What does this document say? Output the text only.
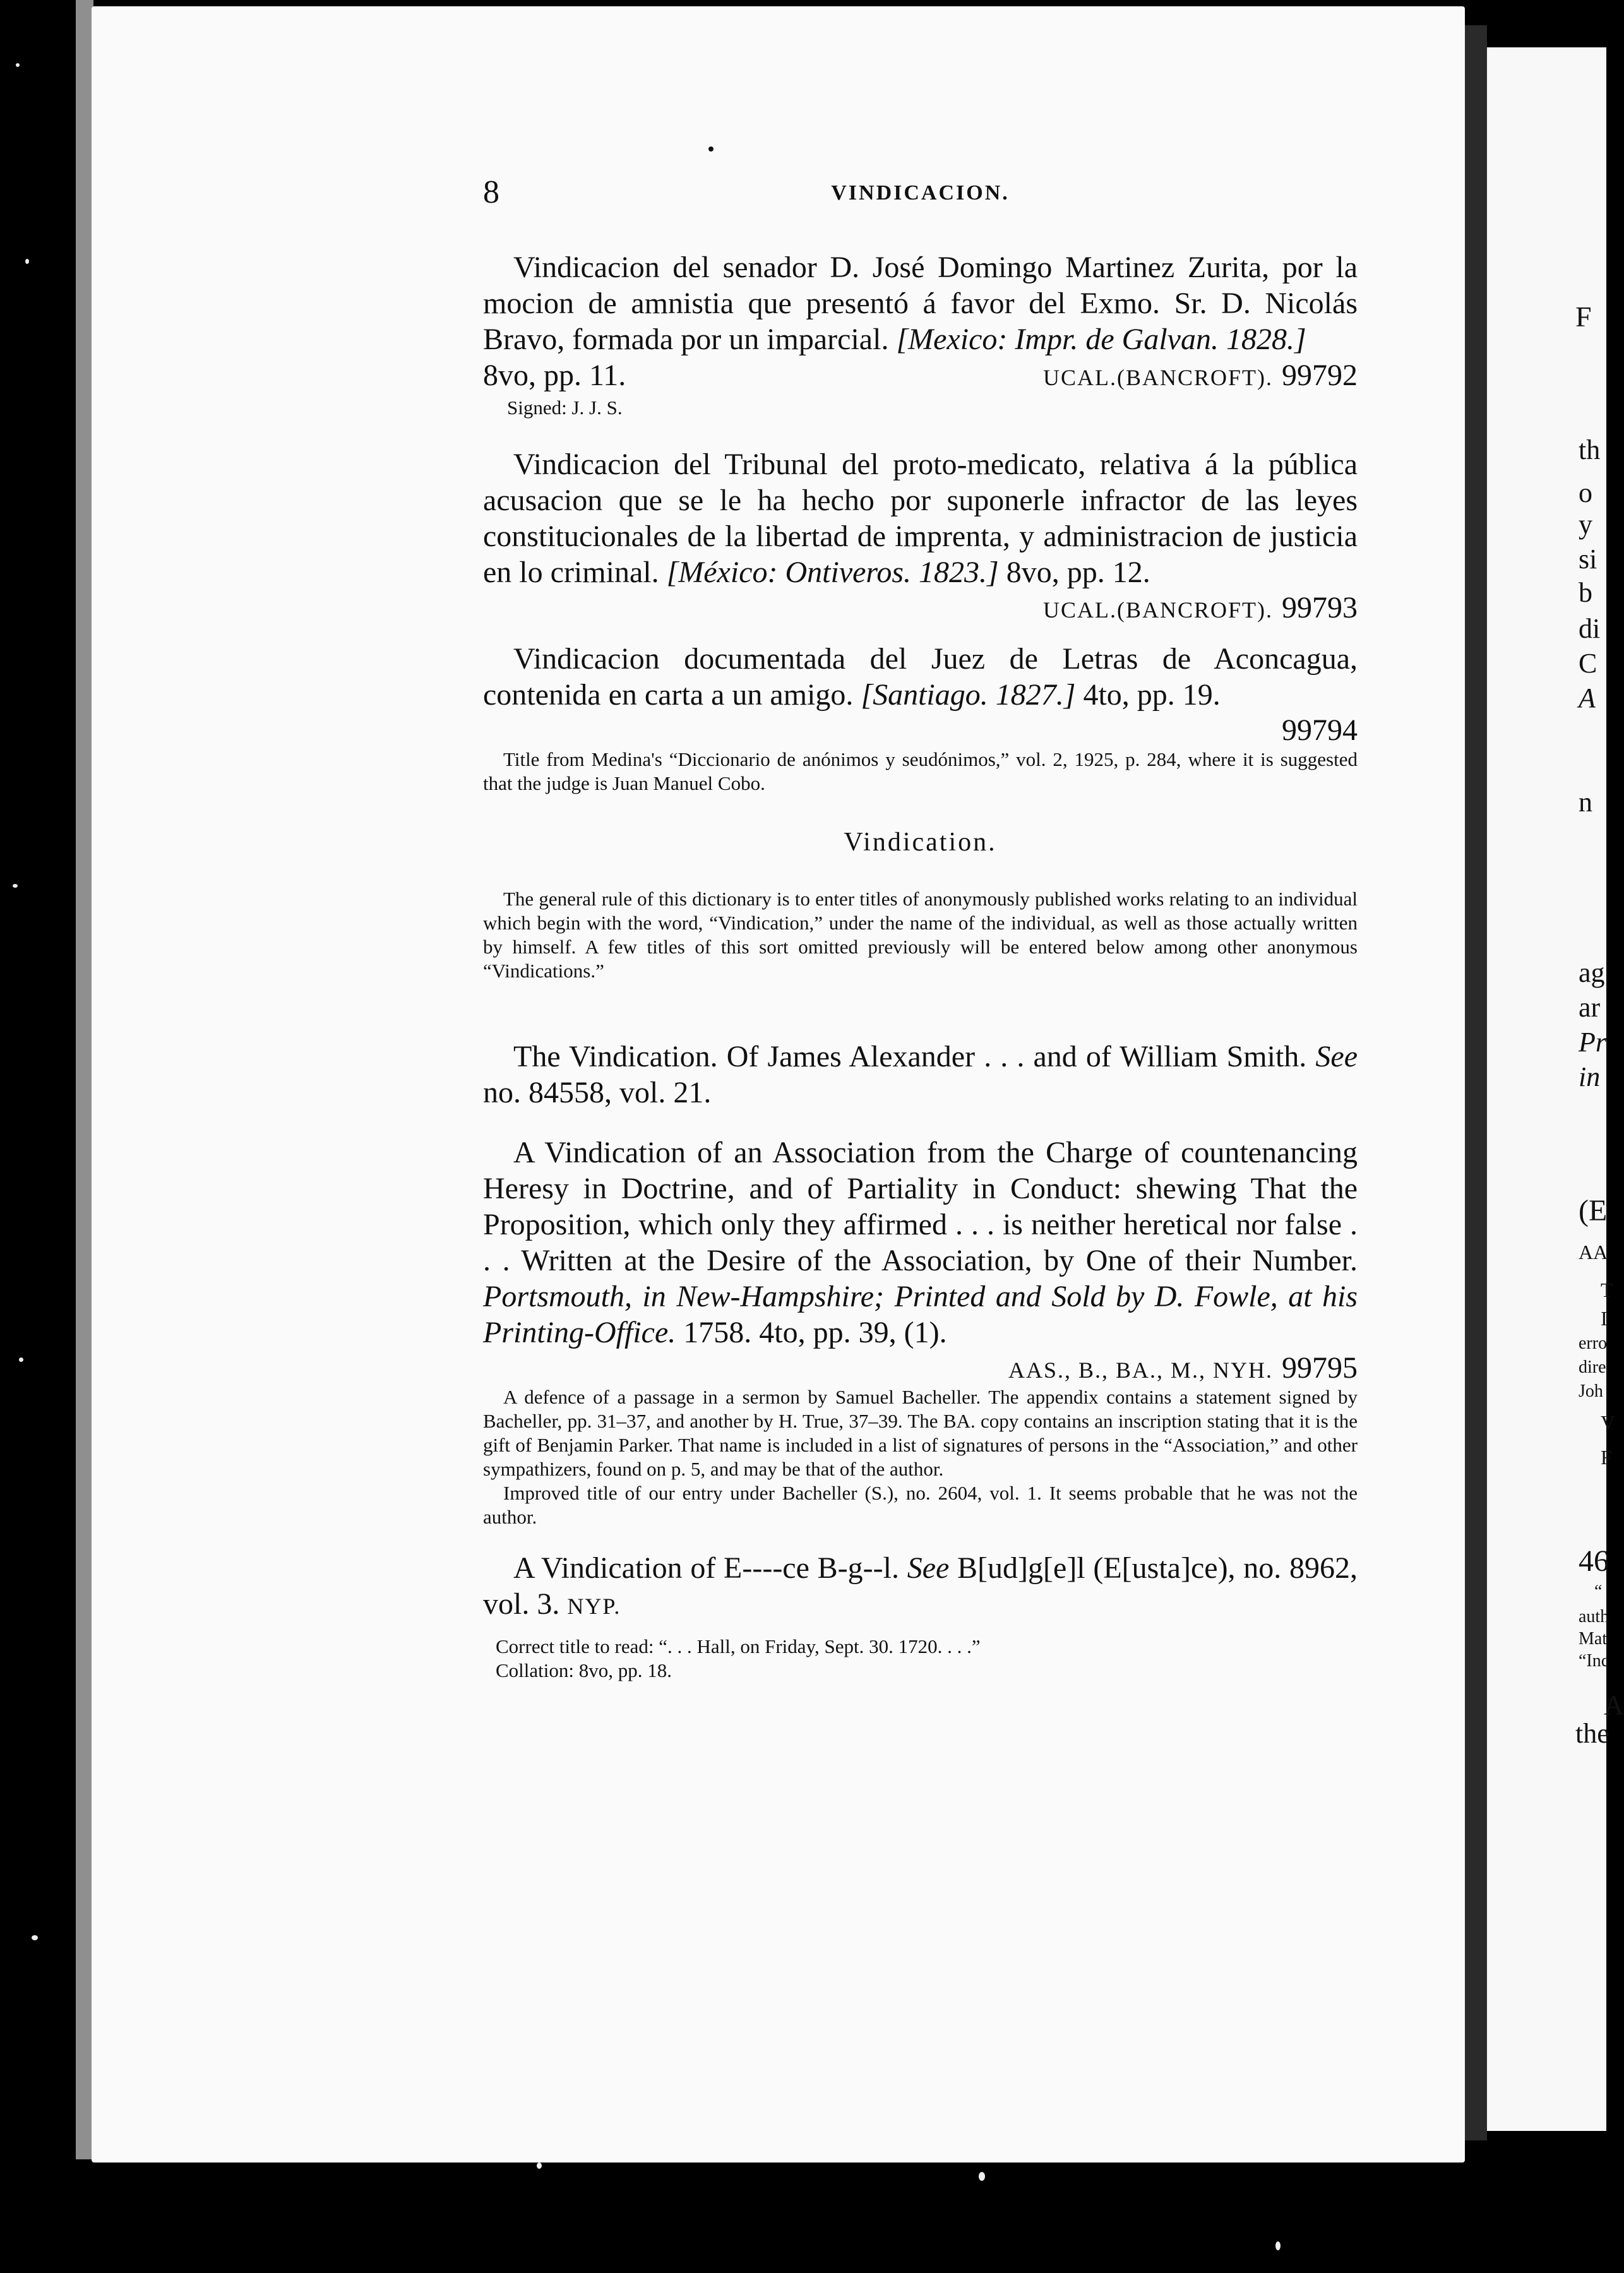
8	VINDICACION.
Vindicacion del senador D. José Domingo Martinez Zurita, por la mocion de amnistia que presentó á favor del Exmo. Sr. D. Nicolás Bravo, formada por un imparcial. [Mexico: Impr. de Galvan. 1828.]
8vo, pp. 11.	UCAL.(BANCROFT). 99792
Signed: J. J. S.
Vindicacion del Tribunal del proto-medicato, relativa á la pública acusacion que se le ha hecho por suponerle infractor de las leyes constitucionales de la libertad de imprenta, y administracion de justicia en lo criminal. [México: Ontiveros. 1823.] 8vo, pp. 12.
UCAL.(BANCROFT). 99793
Vindicacion documentada del Juez de Letras de Aconcagua, contenida en carta a un amigo. [Santiago. 1827.] 4to, pp. 19.
99794
Title from Medina's “Diccionario de anónimos y seudónimos,” vol. 2, 1925, p. 284, where it is suggested that the judge is Juan Manuel Cobo.
Vindication.
The general rule of this dictionary is to enter titles of anonymously published works relating to an individual which begin with the word, “Vindication,” under the name of the individual, as well as those actually written by himself. A few titles of this sort omitted previously will be entered below among other anonymous “Vindications.”
The Vindication. Of James Alexander . . . and of William Smith. See no. 84558, vol. 21.
A Vindication of an Association from the Charge of countenancing Heresy in Doctrine, and of Partiality in Conduct: shewing That the Proposition, which only they affirmed . . . is neither heretical nor false . . . Written at the Desire of the Association, by One of their Number. Portsmouth, in New-Hampshire; Printed and Sold by D. Fowle, at his Printing-Office. 1758. 4to, pp. 39, (1).
AAS., B., BA., M., NYH. 99795
A defence of a passage in a sermon by Samuel Bacheller. The appendix contains a statement signed by Bacheller, pp. 31–37, and another by H. True, 37–39. The BA. copy contains an inscription stating that it is the gift of Benjamin Parker. That name is included in a list of signatures of persons in the “Association,” and other sympathizers, found on p. 5, and may be that of the author.
Improved title of our entry under Bacheller (S.), no. 2604, vol. 1. It seems probable that he was not the author.
A Vindication of E----ce B-g--l. See B[ud]g[e]l (E[usta]ce), no. 8962, vol. 3. NYP.
Correct title to read: “. . . Hall, on Friday, Sept. 30. 1720. . . .”
Collation: 8vo, pp. 18.
F
th
o
y
si
b
di
C
A
n
ag
ar
Pr
in
(E
AA
T
I
erro
dire
Joh
V
F
46
“
auth
Mat
“Inc
A
the
